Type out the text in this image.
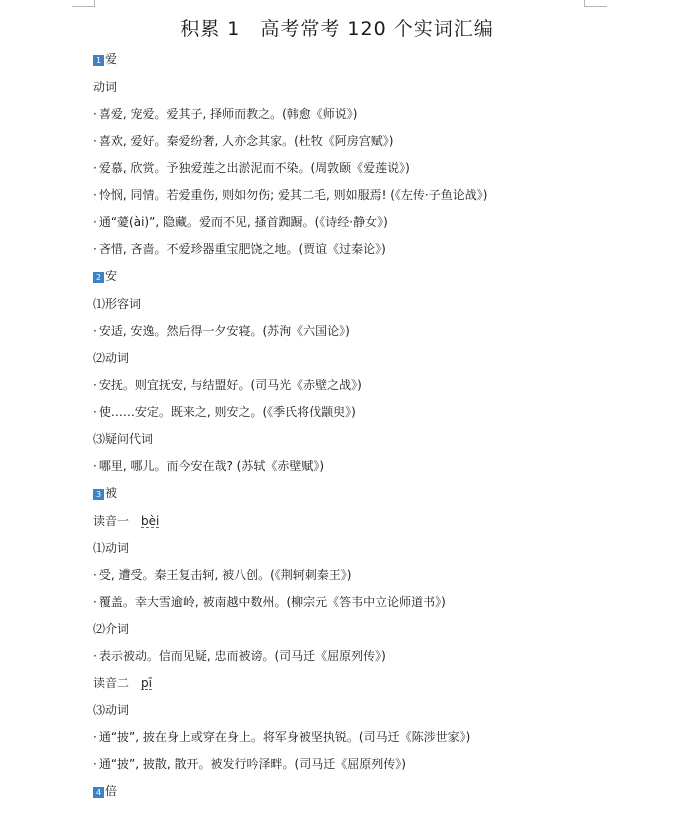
积累 1　高考常考 120 个实词汇编
1 爱
动词
· 喜爱, 宠爱。爱其子, 择师而教之。(韩愈《师说》)
· 喜欢, 爱好。秦爱纷奢, 人亦念其家。(杜牧《阿房宫赋》)
· 爱慕, 欣赏。予独爱莲之出淤泥而不染。(周敦颐《爱莲说》)
· 怜悯, 同情。若爱重伤, 则如勿伤; 爱其二毛, 则如服焉! (《左传·子鱼论战》)
· 通“薆(ài)”, 隐藏。爱而不见, 搔首踟蹰。(《诗经·静女》)
· 吝惜, 吝啬。不爱珍器重宝肥饶之地。(贾谊《过秦论》)
2 安
⑴形容词
· 安适, 安逸。然后得一夕安寝。(苏洵《六国论》)
⑵动词
· 安抚。则宜抚安, 与结盟好。(司马光《赤壁之战》)
· 使……安定。既来之, 则安之。(《季氏将伐颛臾》)
⑶疑问代词
· 哪里, 哪儿。而今安在哉? (苏轼《赤壁赋》)
3 被
读音一 bèi
⑴动词
· 受, 遭受。秦王复击轲, 被八创。(《荆轲刺秦王》)
· 覆盖。幸大雪逾岭, 被南越中数州。(柳宗元《答韦中立论师道书》)
⑵介词
· 表示被动。信而见疑, 忠而被谤。(司马迁《屈原列传》)
读音二 pī
⑶动词
· 通“披”, 披在身上或穿在身上。将军身被坚执锐。(司马迁《陈涉世家》)
· 通“披”, 披散, 散开。被发行吟泽畔。(司马迁《屈原列传》)
4 倍
